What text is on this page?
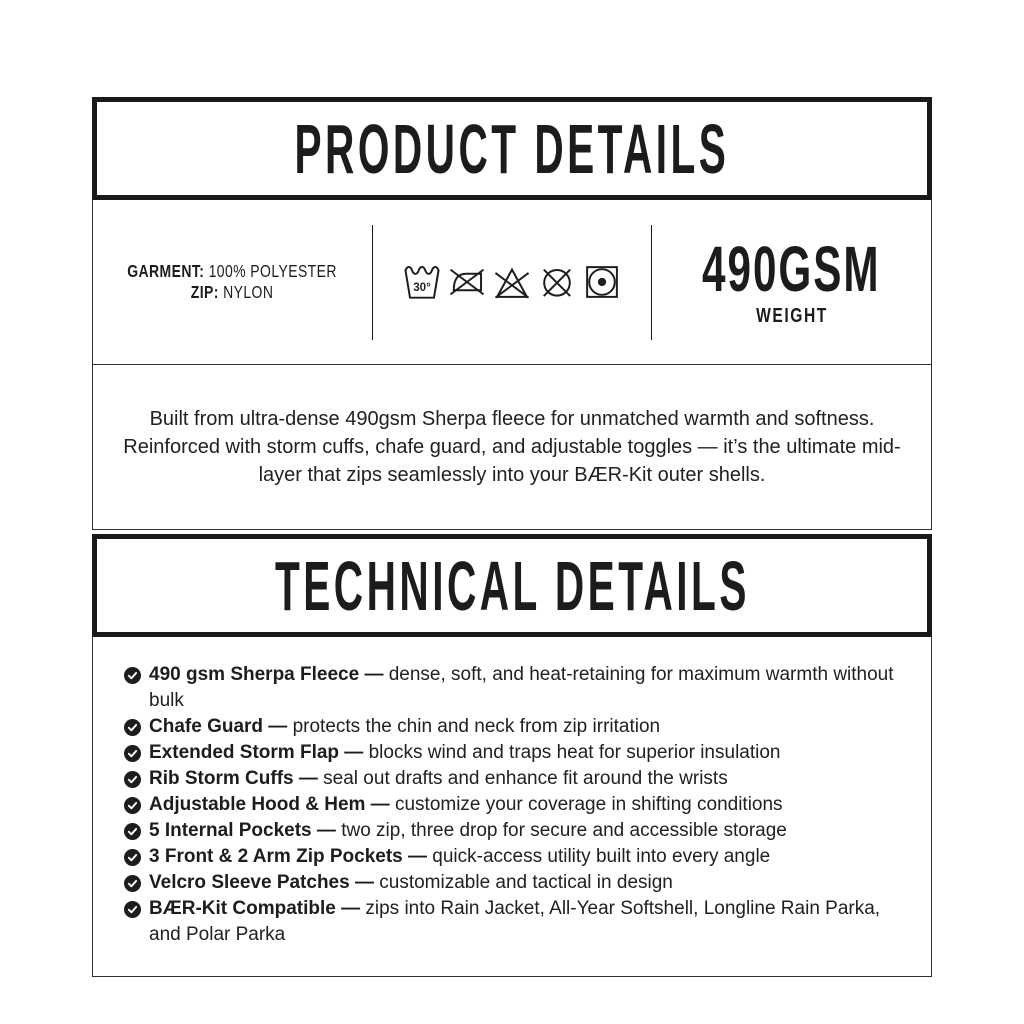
PRODUCT DETAILS
GARMENT: 100% POLYESTER
ZIP: NYLON	30°	490GSM
WEIGHT

Built from ultra-dense 490gsm Sherpa fleece for unmatched warmth and softness. Reinforced with storm cuffs, chafe guard, and adjustable toggles — it’s the ultimate mid-layer that zips seamlessly into your BÆR-Kit outer shells.

TECHNICAL DETAILS
490 gsm Sherpa Fleece — dense, soft, and heat-retaining for maximum warmth without bulk
Chafe Guard — protects the chin and neck from zip irritation
Extended Storm Flap — blocks wind and traps heat for superior insulation
Rib Storm Cuffs — seal out drafts and enhance fit around the wrists
Adjustable Hood & Hem — customize your coverage in shifting conditions
5 Internal Pockets — two zip, three drop for secure and accessible storage
3 Front & 2 Arm Zip Pockets — quick-access utility built into every angle
Velcro Sleeve Patches — customizable and tactical in design
BÆR-Kit Compatible — zips into Rain Jacket, All-Year Softshell, Longline Rain Parka, and Polar Parka
